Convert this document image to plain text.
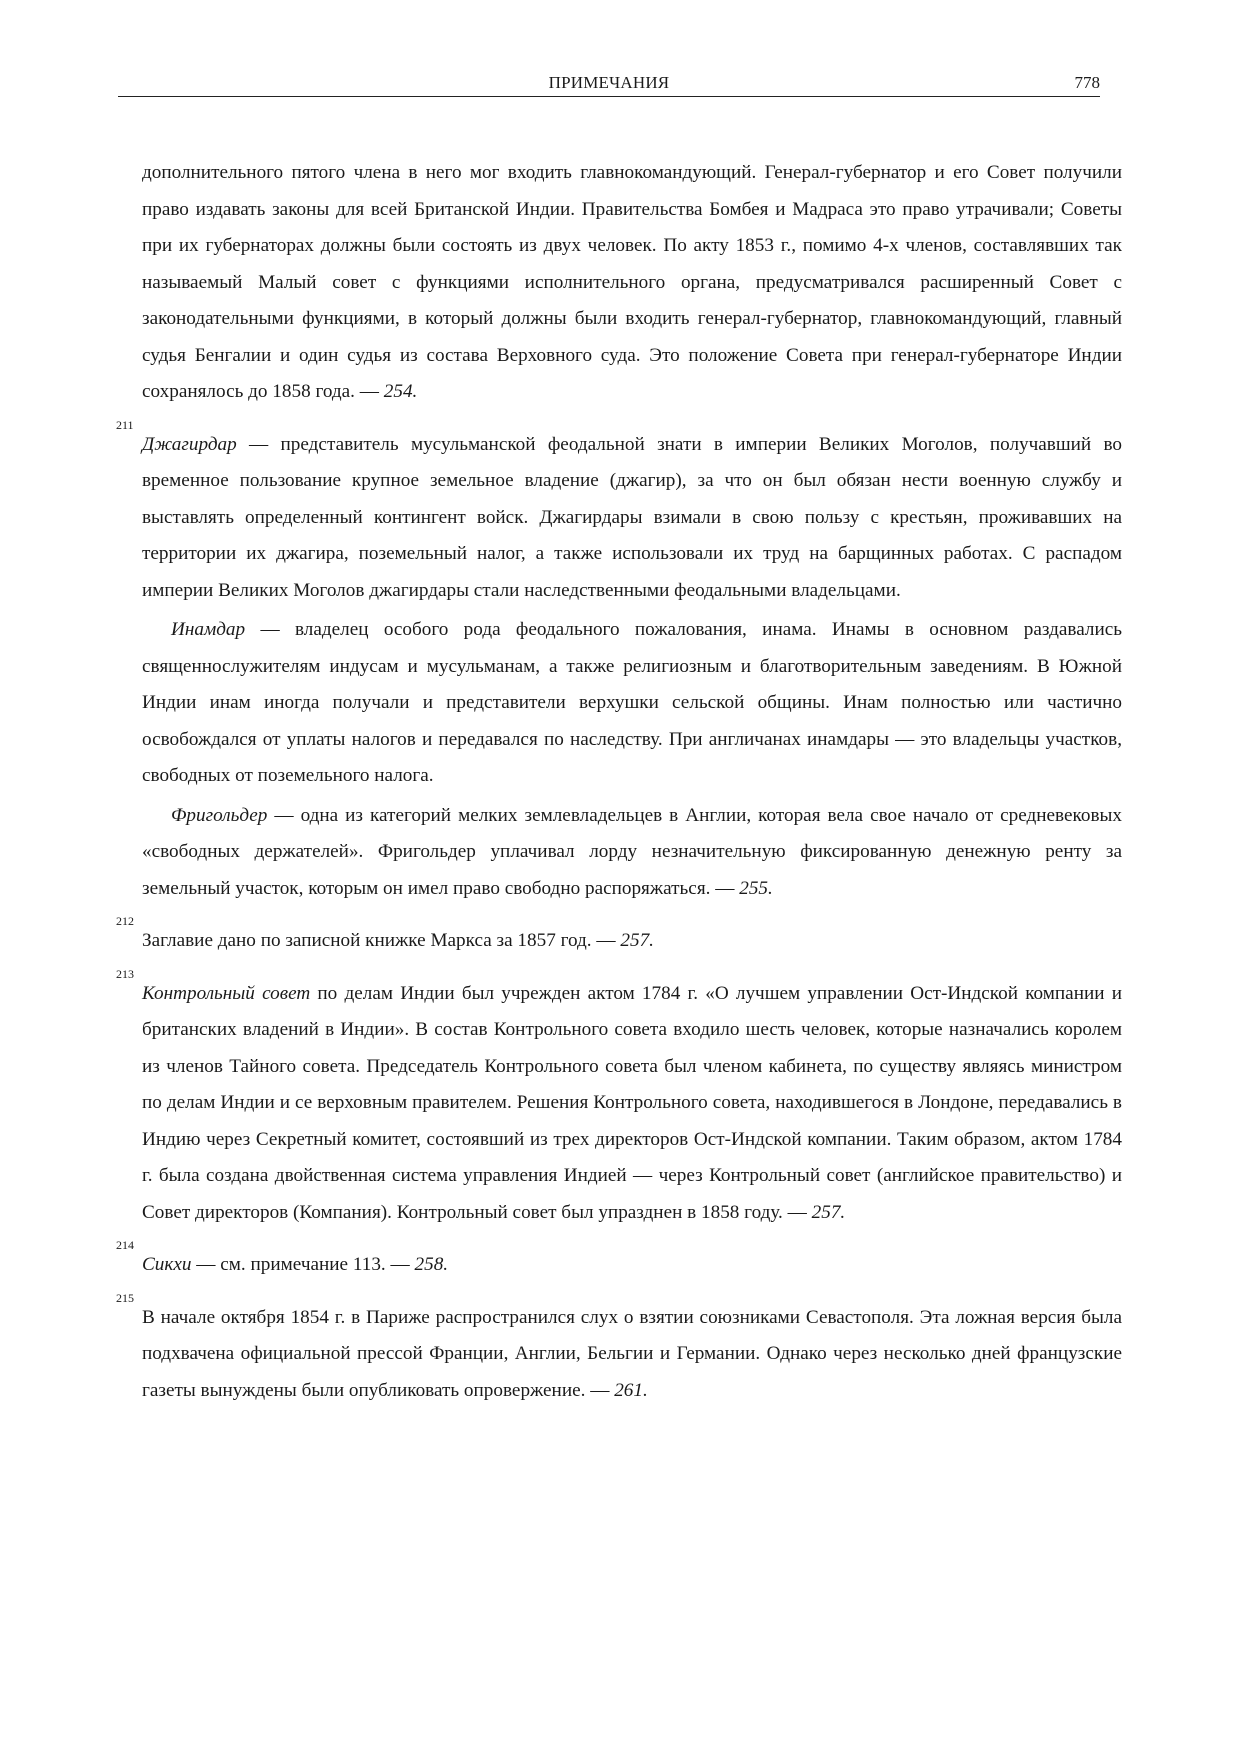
ПРИМЕЧАНИЯ	778

дополнительного пятого члена в него мог входить главнокомандующий. Генерал-губернатор и его Совет получили право издавать законы для всей Британской Индии. Правительства Бомбея и Мадраса это право утрачивали; Советы при их губернаторах должны были состоять из двух человек. По акту 1853 г., помимо 4-х членов, составлявших так называемый Малый совет с функциями исполнительного органа, предусматривался расширенный Совет с законодательными функциями, в который должны были входить генерал-губернатор, главнокомандующий, главный судья Бенгалии и один судья из состава Верховного суда. Это положение Совета при генерал-губернаторе Индии сохранялось до 1858 года. — 254.

211
Джагирдар — представитель мусульманской феодальной знати в империи Великих Моголов, получавший во временное пользование крупное земельное владение (джагир), за что он был обязан нести военную службу и выставлять определенный контингент войск. Джагирдары взимали в свою пользу с крестьян, проживавших на территории их джагира, поземельный налог, а также использовали их труд на барщинных работах. С распадом империи Великих Моголов джагирдары стали наследственными феодальными владельцами.

Инамдар — владелец особого рода феодального пожалования, инама. Инамы в основном раздавались священнослужителям индусам и мусульманам, а также религиозным и благотворительным заведениям. В Южной Индии инам иногда получали и представители верхушки сельской общины. Инам полностью или частично освобождался от уплаты налогов и передавался по наследству. При англичанах инамдары — это владельцы участков, свободных от поземельного налога.

Фригольдер — одна из категорий мелких землевладельцев в Англии, которая вела свое начало от средневековых «свободных держателей». Фригольдер уплачивал лорду незначительную фиксированную денежную ренту за земельный участок, которым он имел право свободно распоряжаться. — 255.

212
Заглавие дано по записной книжке Маркса за 1857 год. — 257.

213
Контрольный совет по делам Индии был учрежден актом 1784 г. «О лучшем управлении Ост-Индской компании и британских владений в Индии». В состав Контрольного совета входило шесть человек, которые назначались королем из членов Тайного совета. Председатель Контрольного совета был членом кабинета, по существу являясь министром по делам Индии и се верховным правителем. Решения Контрольного совета, находившегося в Лондоне, передавались в Индию через Секретный комитет, состоявший из трех директоров Ост-Индской компании. Таким образом, актом 1784 г. была создана двойственная система управления Индией — через Контрольный совет (английское правительство) и Совет директоров (Компания). Контрольный совет был упразднен в 1858 году. — 257.

214
Сикхи — см. примечание 113. — 258.

215
В начале октября 1854 г. в Париже распространился слух о взятии союзниками Севастополя. Эта ложная версия была подхвачена официальной прессой Франции, Англии, Бельгии и Германии. Однако через несколько дней французские газеты вынуждены были опубликовать опровержение. — 261.
